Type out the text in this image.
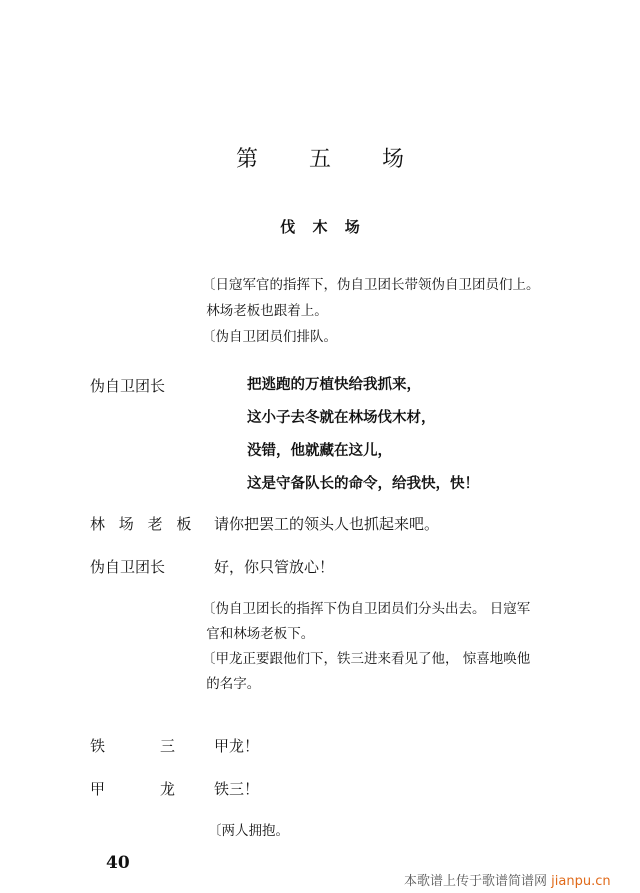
第 五 场
伐 木 场
〔日寇军官的指挥下，伪自卫团长带领伪自卫团员们上。
林场老板也跟着上。
〔伪自卫团员们排队。
伪自卫团长	把逃跑的万植快给我抓来，
这小子去冬就在林场伐木材，
没错，他就藏在这儿，
这是守备队长的命令，给我快，快！
林 场 老 板 请你把罢工的领头人也抓起来吧。
伪自卫团长	好，你只管放心！
〔伪自卫团长的指挥下伪自卫团员们分头出去。 日寇军
官和林场老板下。
〔甲龙正要跟他们下，铁三进来看见了他， 惊喜地唤他
的名字。
铁	三	甲龙！
甲	龙	铁三！
〔两人拥抱。
40
本歌谱上传于歌谱简谱网 jianpu.cn
